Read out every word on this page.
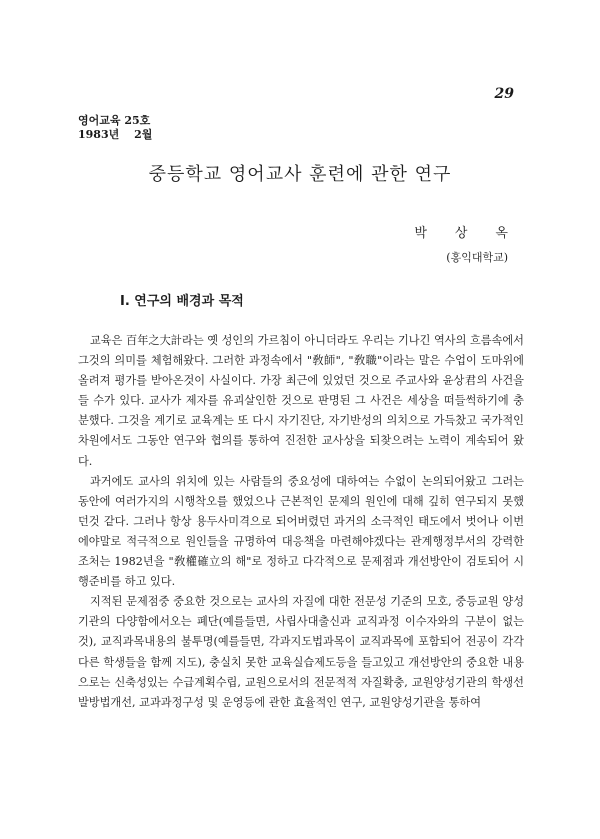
29
영어교육 25호
1983년 　2월
중등학교 영어교사 훈련에 관한 연구
박상옥
(홍익대학교)
Ⅰ. 연구의 배경과 목적

교육은 百年之大計라는 옛 성인의 가르침이 아니더라도 우리는 기나긴 역사의 흐름속에서 그것의 의미를 체험해왔다. 그러한 과정속에서 "敎師", "敎職"이라는 말은 수업이 도마위에 올려져 평가를 받아온것이 사실이다. 가장 최근에 있었던 것으로 주교사와 윤상君의 사건을 들 수가 있다. 교사가 제자를 유괴살인한 것으로 판명된 그 사건은 세상을 떠들썩하기에 충분했다. 그것을 계기로 교육계는 또 다시 자기진단, 자기반성의 의치으로 가득찼고 국가적인 차원에서도 그동안 연구와 협의를 통하여 진전한 교사상을 되찾으려는 노력이 계속되어 왔다.

과거에도 교사의 위치에 있는 사람들의 중요성에 대하여는 수없이 논의되어왔고 그러는 동안에 여러가지의 시행착오를 했었으나 근본적인 문제의 원인에 대해 깊히 연구되지 못했던것 같다. 그러나 항상 용두사미격으로 되어버렸던 과거의 소극적인 태도에서 벗어나 이번에야말로 적극적으로 원인들을 규명하여 대응책을 마련해야겠다는 관계행정부서의 강력한 조처는 1982년을 "敎權確立의 해"로 정하고 다각적으로 문제점과 개선방안이 검토되어 시행준비를 하고 있다.

지적된 문제점중 중요한 것으로는 교사의 자질에 대한 전문성 기준의 모호, 중등교원 양성기관의 다양함에서오는 폐단(예를들면, 사립사대출신과 교직과정 이수자와의 구분이 없는것), 교직과목내용의 불투명(예를들면, 각과지도법과목이 교직과목에 포함되어 전공이 각각 다른 학생들을 함께 지도), 충실치 못한 교육실습제도등을 들고있고 개선방안의 중요한 내용으로는 신축성있는 수급계획수립, 교원으로서의 전문적적 자질확충, 교원양성기관의 학생선발방법개선, 교과과정구성 및 운영등에 관한 효율적인 연구, 교원양성기관을 통하여
